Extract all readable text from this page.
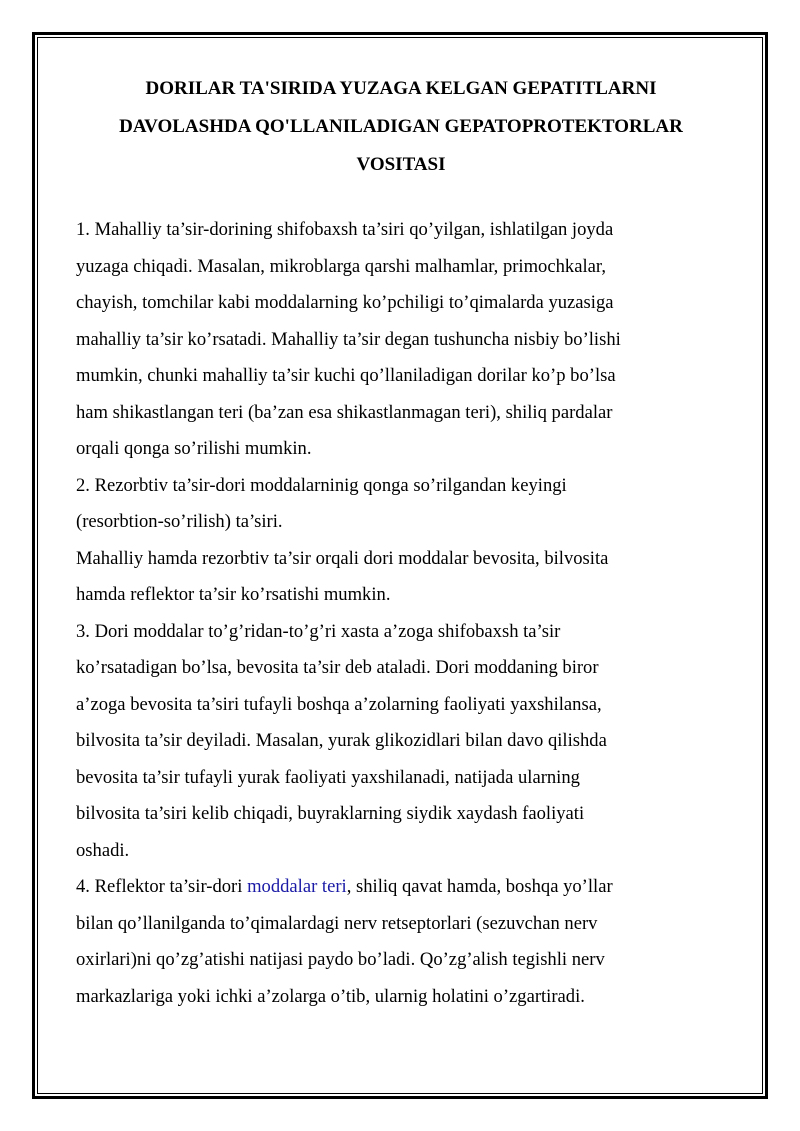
DORILAR TA'SIRIDA YUZAGA KELGAN GEPATITLARNI
DAVOLASHDA QO'LLANILADIGAN GEPATOPROTEKTORLAR
VOSITASI

1. Mahalliy ta’sir-dorining shifobaxsh ta’siri qo’yilgan, ishlatilgan joyda
yuzaga chiqadi. Masalan, mikroblarga qarshi malhamlar, primochkalar,
chayish, tomchilar kabi moddalarning ko’pchiligi to’qimalarda yuzasiga
mahalliy ta’sir ko’rsatadi. Mahalliy ta’sir degan tushuncha nisbiy bo’lishi
mumkin, chunki mahalliy ta’sir kuchi qo’llaniladigan dorilar ko’p bo’lsa
ham shikastlangan teri (ba’zan esa shikastlanmagan teri), shiliq pardalar
orqali qonga so’rilishi mumkin.

2. Rezorbtiv ta’sir-dori moddalarninig qonga so’rilgandan keyingi
(resorbtion-so’rilish) ta’siri.

Mahalliy hamda rezorbtiv ta’sir orqali dori moddalar bevosita, bilvosita
hamda reflektor ta’sir ko’rsatishi mumkin.

3. Dori moddalar to’g’ridan-to’g’ri xasta a’zoga shifobaxsh ta’sir
ko’rsatadigan bo’lsa, bevosita ta’sir deb ataladi. Dori moddaning biror
a’zoga bevosita ta’siri tufayli boshqa a’zolarning faoliyati yaxshilansa,
bilvosita ta’sir deyiladi. Masalan, yurak glikozidlari bilan davo qilishda
bevosita ta’sir tufayli yurak faoliyati yaxshilanadi, natijada ularning
bilvosita ta’siri kelib chiqadi, buyraklarning siydik xaydash faoliyati
oshadi.

4. Reflektor ta’sir-dori moddalar teri, shiliq qavat hamda, boshqa yo’llar
bilan qo’llanilganda to’qimalardagi nerv retseptorlari (sezuvchan nerv
oxirlari)ni qo’zg’atishi natijasi paydo bo’ladi. Qo’zg’alish tegishli nerv
markazlariga yoki ichki a’zolarga o’tib, ularnig holatini o’zgartiradi.
